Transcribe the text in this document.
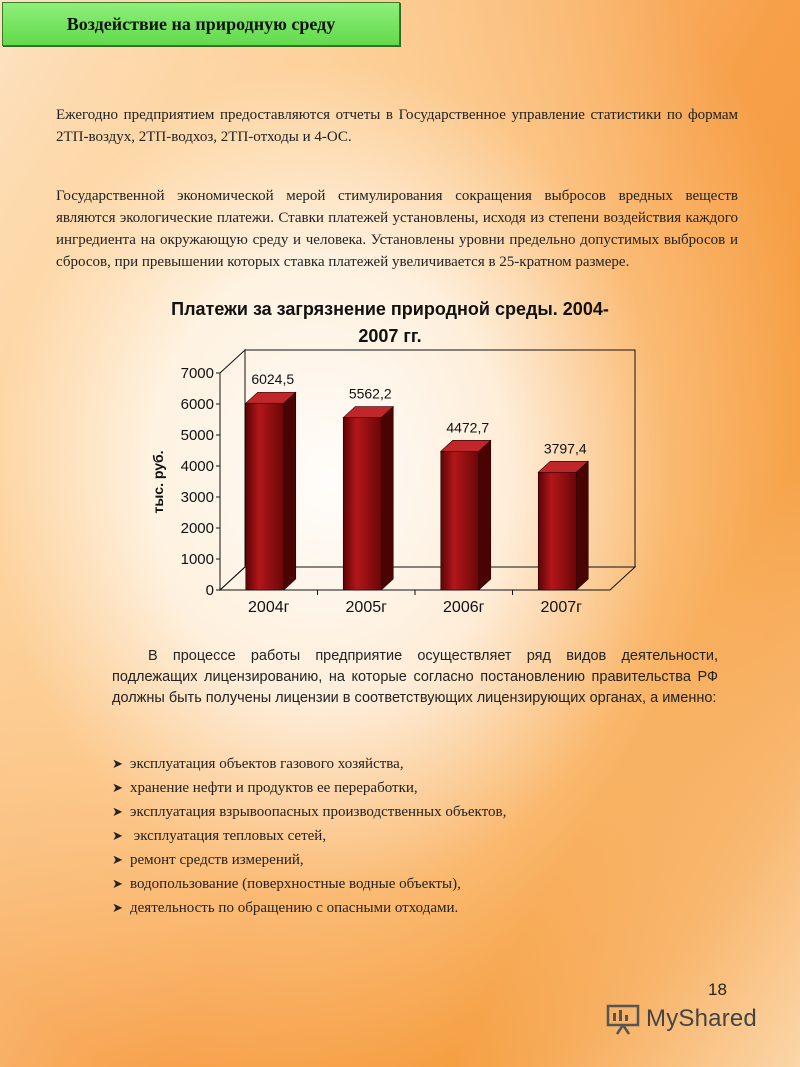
Воздействие на природную среду
Ежегодно предприятием предоставляются отчеты в Государственное управление статистики по формам 2ТП-воздух, 2ТП-водхоз, 2ТП-отходы и 4-ОС.
Государственной экономической мерой стимулирования сокращения выбросов вредных веществ являются экологические платежи. Ставки платежей установлены, исходя из степени воздействия каждого ингредиента на окружающую среду и человека. Установлены уровни предельно допустимых выбросов и сбросов, при превышении которых ставка платежей увеличивается в 25-кратном размере.
Платежи за загрязнение природной среды. 2004-
2007 гг.
тыс. руб.
0
1000
2000
3000
4000
5000
6000
7000	6024,5
5562,2
4472,7
3797,4
2004г	2005г	2006г	2007г
В процессе работы предприятие осуществляет ряд видов деятельности, подлежащих лицензированию, на которые согласно постановлению правительства РФ должны быть получены лицензии в соответствующих лицензирующих органах, а именно:
➤ эксплуатация объектов газового хозяйства,
➤ хранение нефти и продуктов ее переработки,
➤ эксплуатация взрывоопасных производственных объектов,
➤ эксплуатация тепловых сетей,
➤ ремонт средств измерений,
➤ водопользование (поверхностные водные объекты),
➤ деятельность по обращению с опасными отходами.
18
MyShared
